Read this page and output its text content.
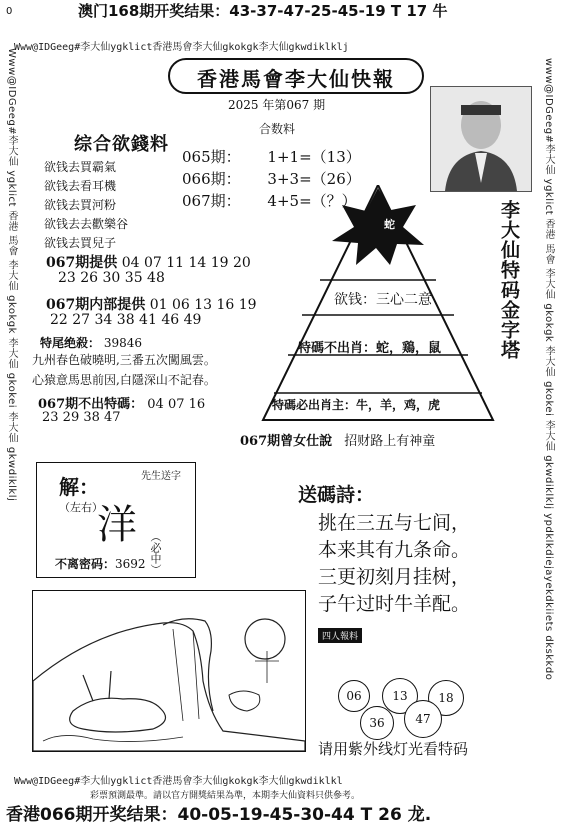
0	澳门168期开奖结果：43-37-47-25-45-19 T 17 牛
Www@IDGeeg#李大仙ygklict香港馬會李大仙gkokgk李大仙gkwdiklklj
Www@IDGeeg#李大仙ygklict香港馬會李大仙gkokgk李大仙gkwdiklkl
Www@IDGeeg#李大仙 ygklict 香港 馬會 李大仙 gkokgk 李大仙 gkokei 李大仙 gkwdiklklj	www@IDGeeg#李大仙 ygklict 香港 馬會 李大仙 gkokgk 李大仙 gkokei 李大仙 gkwdiklklj ypdklkdiejayekdkiiets dkskkdo
香港馬會李大仙快報
2025 年第067 期
合数料
065期： 1+1=（13）
066期： 3+3=（26）
067期： 4+5=（？）
综合欲錢料
欲钱去買霸氣
欲钱去看耳機
欲钱去買河粉
欲钱去去歡樂谷
欲钱去買兒子
067期提供 04 07 11 14 19 20
23 26 30 35 48
067期内部提供 01 06 13 16 19
22 27 34 38 41 46 49
特尾绝殺： 39846
九州春色破曉明,三番五次闖風雲。
心猿意馬思前因,白隱深山不記春。
067期不出特碼： 04 07 16
23 29 38 47
李大仙特码金字塔
蛇
欲钱：三心二意
特碼不出肖：蛇，鶏，鼠
特碼必出肖主：牛，羊，鸡，虎
067期曾女仕說 招财路上有神童
解：
（左右）
洋
先生送字
（必中）
不离密码：3692
送碼詩：
挑在三五与七间，
本来其有九条命。
三更初刻月挂树，
子午过时牛羊配。
四人報料
06	13	18
36	47
请用紫外线灯光看特码
彩票預測最準。請以官方開獎結果為準，本期李大仙資料只供參考。
香港066期开奖结果：40-05-19-45-30-44 T 26 龙.
